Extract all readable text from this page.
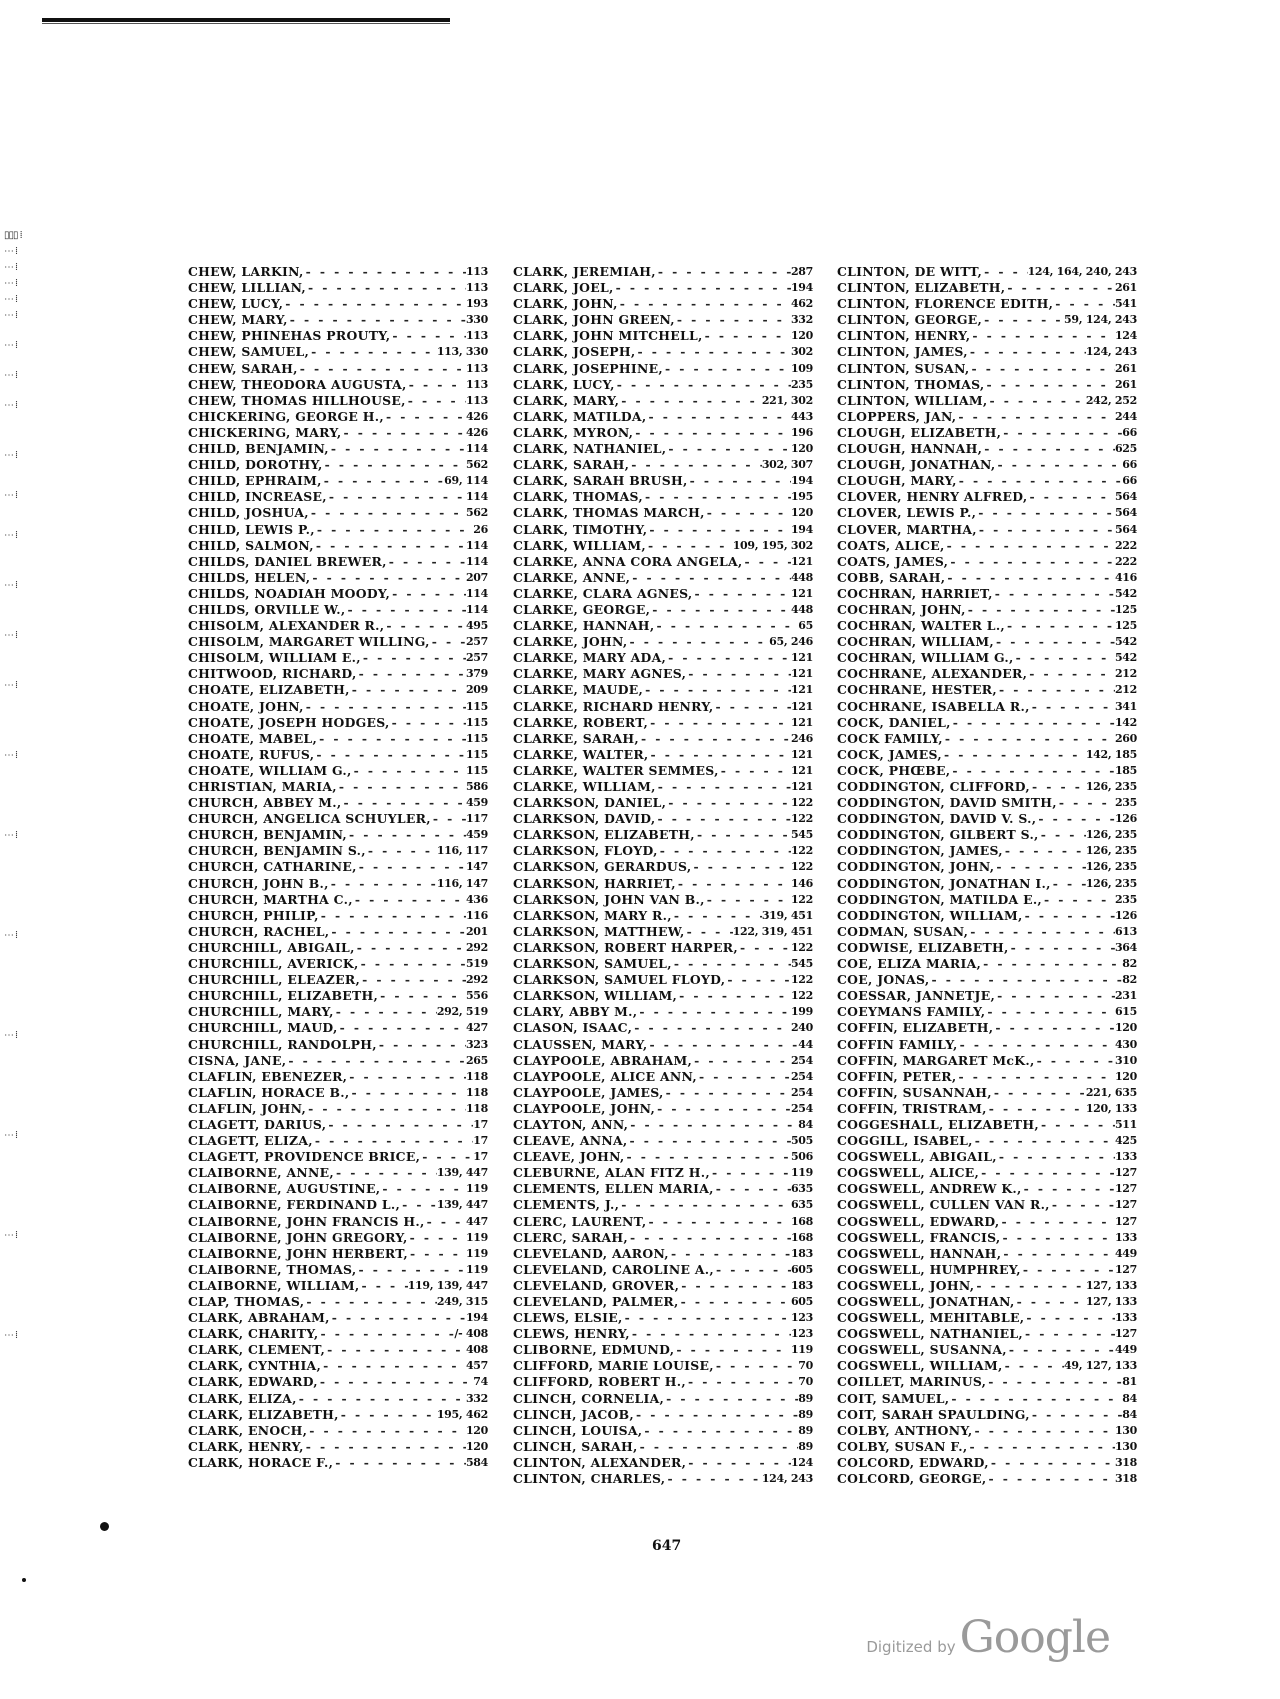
▯▯▯ ⁞
⋯ ⁞
⋯ ⁞
⋯ ⁞
⋯ ⁞
⋯ ⁞
⋯ ⁞
⋯ ⁞
⋯ ⁞
⋯ ⁞
⋯ ⁞
⋯ ⁞
⋯ ⁞
⋯ ⁞
⋯ ⁞
⋯ ⁞
⋯ ⁞
⋯ ⁞
⋯ ⁞
⋯ ⁞
⋯ ⁞
⋯ ⁞
CHEW, LARKIN, - - -	113
CHEW, LILLIAN, - - -	113
CHEW, LUCY, - - -	193
CHEW, MARY, - - -	330
CHEW, PHINEHAS PROUTY, - - -	113
CHEW, SAMUEL, - - -	113, 330
CHEW, SARAH, - - -	113
CHEW, THEODORA AUGUSTA, - - -	113
CHEW, THOMAS HILLHOUSE, - - -	113
CHICKERING, GEORGE H., - - -	426
CHICKERING, MARY, - - -	426
CHILD, BENJAMIN, - - -	114
CHILD, DOROTHY, - - -	562
CHILD, EPHRAIM, - - -	69, 114
CHILD, INCREASE, - - -	114
CHILD, JOSHUA, - - -	562
CHILD, LEWIS P., - - -	26
CHILD, SALMON, - - -	114
CHILDS, DANIEL BREWER, - - -	114
CHILDS, HELEN, - - -	207
CHILDS, NOADIAH MOODY, - - -	114
CHILDS, ORVILLE W., - - -	114
CHISOLM, ALEXANDER R., - - -	495
CHISOLM, MARGARET WILLING, - - -	257
CHISOLM, WILLIAM E., - - -	257
CHITWOOD, RICHARD, - - -	379
CHOATE, ELIZABETH, - - -	209
CHOATE, JOHN, - - -	115
CHOATE, JOSEPH HODGES, - - -	115
CHOATE, MABEL, - - -	115
CHOATE, RUFUS, - - -	115
CHOATE, WILLIAM G., - - -	115
CHRISTIAN, MARIA, - - -	586
CHURCH, ABBEY M., - - -	459
CHURCH, ANGELICA SCHUYLER, - - -	117
CHURCH, BENJAMIN, - - -	459
CHURCH, BENJAMIN S., - - -	116, 117
CHURCH, CATHARINE, - - -	147
CHURCH, JOHN B., - - -	116, 147
CHURCH, MARTHA C., - - -	436
CHURCH, PHILIP, - - -	116
CHURCH, RACHEL, - - -	201
CHURCHILL, ABIGAIL, - - -	292
CHURCHILL, AVERICK, - - -	519
CHURCHILL, ELEAZER, - - -	292
CHURCHILL, ELIZABETH, - - -	556
CHURCHILL, MARY, - - -	292, 519
CHURCHILL, MAUD, - - -	427
CHURCHILL, RANDOLPH, - - -	323
CISNA, JANE, - - -	265
CLAFLIN, EBENEZER, - - -	118
CLAFLIN, HORACE B., - - -	118
CLAFLIN, JOHN, - - -	118
CLAGETT, DARIUS, - - -	17
CLAGETT, ELIZA, - - -	17
CLAGETT, PROVIDENCE BRICE, - - -	17
CLAIBORNE, ANNE, - - -	139, 447
CLAIBORNE, AUGUSTINE, - - -	119
CLAIBORNE, FERDINAND L., - - -	139, 447
CLAIBORNE, JOHN FRANCIS H., - - -	447
CLAIBORNE, JOHN GREGORY, - - -	119
CLAIBORNE, JOHN HERBERT, - - -	119
CLAIBORNE, THOMAS, - - -	119
CLAIBORNE, WILLIAM, - - -	119, 139, 447
CLAP, THOMAS, - - -	249, 315
CLARK, ABRAHAM, - - -	194
CLARK, CHARITY, - - -	/- 408
CLARK, CLEMENT, - - -	408
CLARK, CYNTHIA, - - -	457
CLARK, EDWARD, - - -	74
CLARK, ELIZA, - - -	332
CLARK, ELIZABETH, - - -	195, 462
CLARK, ENOCH, - - -	120
CLARK, HENRY, - - -	120
CLARK, HORACE F., - - -	584
CLARK, JEREMIAH, - - -	287
CLARK, JOEL, - - -	194
CLARK, JOHN, - - -	462
CLARK, JOHN GREEN, - - -	332
CLARK, JOHN MITCHELL, - - -	120
CLARK, JOSEPH, - - -	302
CLARK, JOSEPHINE, - - -	109
CLARK, LUCY, - - -	235
CLARK, MARY, - - -	221, 302
CLARK, MATILDA, - - -	443
CLARK, MYRON, - - -	196
CLARK, NATHANIEL, - - -	120
CLARK, SARAH, - - -	302, 307
CLARK, SARAH BRUSH, - - -	194
CLARK, THOMAS, - - -	195
CLARK, THOMAS MARCH, - - -	120
CLARK, TIMOTHY, - - -	194
CLARK, WILLIAM, - - -	109, 195, 302
CLARKE, ANNA CORA ANGELA, - - -	121
CLARKE, ANNE, - - -	448
CLARKE, CLARA AGNES, - - -	121
CLARKE, GEORGE, - - -	448
CLARKE, HANNAH, - - -	65
CLARKE, JOHN, - - -	65, 246
CLARKE, MARY ADA, - - -	121
CLARKE, MARY AGNES, - - -	121
CLARKE, MAUDE, - - -	121
CLARKE, RICHARD HENRY, - - -	121
CLARKE, ROBERT, - - -	121
CLARKE, SARAH, - - -	246
CLARKE, WALTER, - - -	121
CLARKE, WALTER SEMMES, - - -	121
CLARKE, WILLIAM, - - -	121
CLARKSON, DANIEL, - - -	122
CLARKSON, DAVID, - - -	122
CLARKSON, ELIZABETH, - - -	545
CLARKSON, FLOYD, - - -	122
CLARKSON, GERARDUS, - - -	122
CLARKSON, HARRIET, - - -	146
CLARKSON, JOHN VAN B., - - -	122
CLARKSON, MARY R., - - -	319, 451
CLARKSON, MATTHEW, - - -	122, 319, 451
CLARKSON, ROBERT HARPER, - - -	122
CLARKSON, SAMUEL, - - -	545
CLARKSON, SAMUEL FLOYD, - - -	122
CLARKSON, WILLIAM, - - -	122
CLARY, ABBY M., - - -	199
CLASON, ISAAC, - - -	240
CLAUSSEN, MARY, - - -	44
CLAYPOOLE, ABRAHAM, - - -	254
CLAYPOOLE, ALICE ANN, - - -	254
CLAYPOOLE, JAMES, - - -	254
CLAYPOOLE, JOHN, - - -	254
CLAYTON, ANN, - - -	84
CLEAVE, ANNA, - - -	505
CLEAVE, JOHN, - - -	506
CLEBURNE, ALAN FITZ H., - - -	119
CLEMENTS, ELLEN MARIA, - - -	635
CLEMENTS, J., - - -	635
CLERC, LAURENT, - - -	168
CLERC, SARAH, - - -	168
CLEVELAND, AARON, - - -	183
CLEVELAND, CAROLINE A., - - -	605
CLEVELAND, GROVER, - - -	183
CLEVELAND, PALMER, - - -	605
CLEWS, ELSIE, - - -	123
CLEWS, HENRY, - - -	123
CLIBORNE, EDMUND, - - -	119
CLIFFORD, MARIE LOUISE, - - -	70
CLIFFORD, ROBERT H., - - -	70
CLINCH, CORNELIA, - - -	89
CLINCH, JACOB, - - -	89
CLINCH, LOUISA, - - -	89
CLINCH, SARAH, - - -	89
CLINTON, ALEXANDER, - - -	124
CLINTON, CHARLES, - - -	124, 243
CLINTON, DE WITT, - - -	124, 164, 240, 243
CLINTON, ELIZABETH, - - -	261
CLINTON, FLORENCE EDITH, - - -	541
CLINTON, GEORGE, - - -	59, 124, 243
CLINTON, HENRY, - - -	124
CLINTON, JAMES, - - -	124, 243
CLINTON, SUSAN, - - -	261
CLINTON, THOMAS, - - -	261
CLINTON, WILLIAM, - - -	242, 252
CLOPPERS, JAN, - - -	244
CLOUGH, ELIZABETH, - - -	66
CLOUGH, HANNAH, - - -	625
CLOUGH, JONATHAN, - - -	66
CLOUGH, MARY, - - -	66
CLOVER, HENRY ALFRED, - - -	564
CLOVER, LEWIS P., - - -	564
CLOVER, MARTHA, - - -	564
COATS, ALICE, - - -	222
COATS, JAMES, - - -	222
COBB, SARAH, - - -	416
COCHRAN, HARRIET, - - -	542
COCHRAN, JOHN, - - -	125
COCHRAN, WALTER L., - - -	125
COCHRAN, WILLIAM, - - -	542
COCHRAN, WILLIAM G., - - -	542
COCHRANE, ALEXANDER, - - -	212
COCHRANE, HESTER, - - -	212
COCHRANE, ISABELLA R., - - -	341
COCK, DANIEL, - - -	142
COCK FAMILY, - - -	260
COCK, JAMES, - - -	142, 185
COCK, PHŒBE, - - -	185
CODDINGTON, CLIFFORD, - - -	126, 235
CODDINGTON, DAVID SMITH, - - -	235
CODDINGTON, DAVID V. S., - - -	126
CODDINGTON, GILBERT S., - - -	126, 235
CODDINGTON, JAMES, - - -	126, 235
CODDINGTON, JOHN, - - -	126, 235
CODDINGTON, JONATHAN I., - - -	126, 235
CODDINGTON, MATILDA E., - - -	235
CODDINGTON, WILLIAM, - - -	126
CODMAN, SUSAN, - - -	613
CODWISE, ELIZABETH, - - -	364
COE, ELIZA MARIA, - - -	82
COE, JONAS, - - -	82
COESSAR, JANNETJE, - - -	231
COEYMANS FAMILY, - - -	615
COFFIN, ELIZABETH, - - -	120
COFFIN FAMILY, - - -	430
COFFIN, MARGARET McK., - - -	310
COFFIN, PETER, - - -	120
COFFIN, SUSANNAH, - - -	221, 635
COFFIN, TRISTRAM, - - -	120, 133
COGGESHALL, ELIZABETH, - - -	511
COGGILL, ISABEL, - - -	425
COGSWELL, ABIGAIL, - - -	133
COGSWELL, ALICE, - - -	127
COGSWELL, ANDREW K., - - -	127
COGSWELL, CULLEN VAN R., - - -	127
COGSWELL, EDWARD, - - -	127
COGSWELL, FRANCIS, - - -	133
COGSWELL, HANNAH, - - -	449
COGSWELL, HUMPHREY, - - -	127
COGSWELL, JOHN, - - -	127, 133
COGSWELL, JONATHAN, - - -	127, 133
COGSWELL, MEHITABLE, - - -	133
COGSWELL, NATHANIEL, - - -	127
COGSWELL, SUSANNA, - - -	449
COGSWELL, WILLIAM, - - -	49, 127, 133
COILLET, MARINUS, - - -	81
COIT, SAMUEL, - - -	84
COIT, SARAH SPAULDING, - - -	84
COLBY, ANTHONY, - - -	130
COLBY, SUSAN F., - - -	130
COLCORD, EDWARD, - - -	318
COLCORD, GEORGE, - - -	318
647
Digitized by Google
